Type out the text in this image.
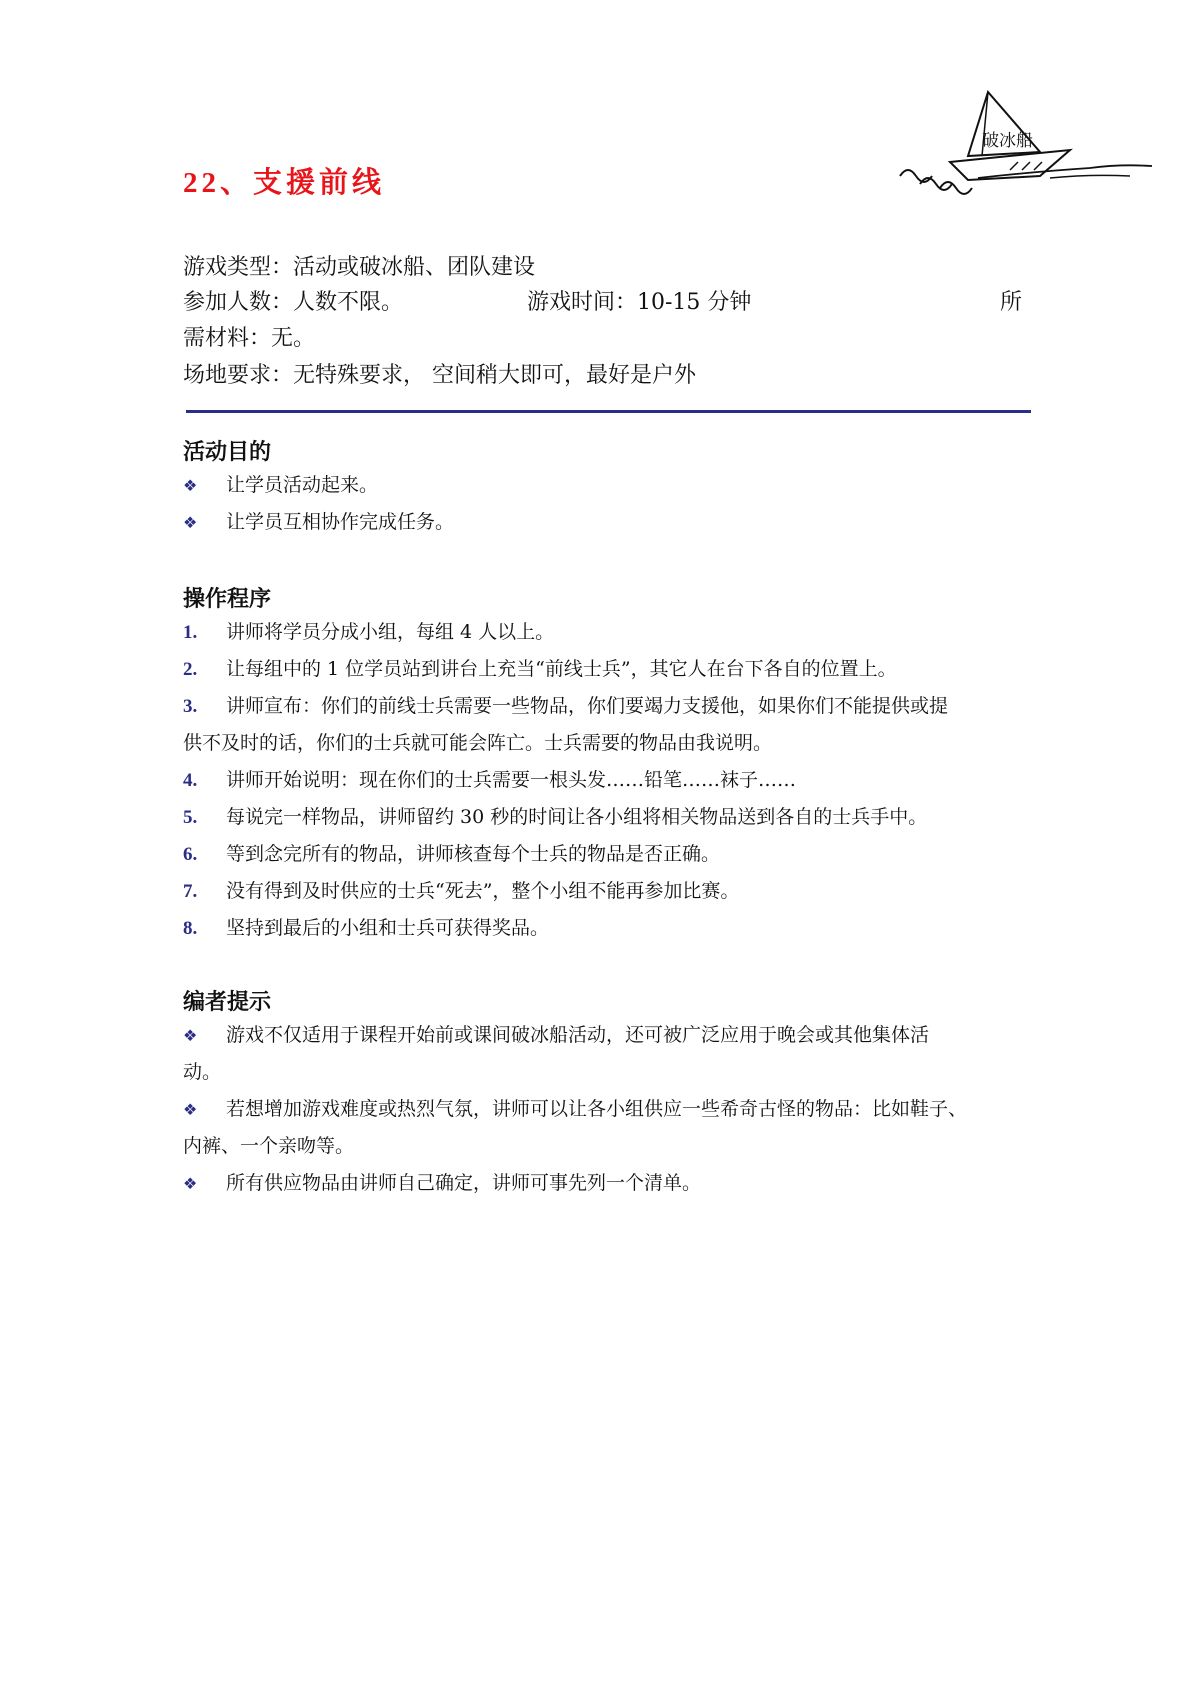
22、支援前线
破冰船
游戏类型：活动或破冰船、团队建设
参加人数：人数不限。	游戏时间：10-15 分钟	所
需材料：无。
场地要求：无特殊要求， 空间稍大即可，最好是户外
活动目的
❖ 让学员活动起来。
❖ 让学员互相协作完成任务。
操作程序
1. 讲师将学员分成小组，每组 4 人以上。
2. 让每组中的 1 位学员站到讲台上充当“前线士兵”，其它人在台下各自的位置上。
3. 讲师宣布：你们的前线士兵需要一些物品，你们要竭力支援他，如果你们不能提供或提
供不及时的话，你们的士兵就可能会阵亡。士兵需要的物品由我说明。
4. 讲师开始说明：现在你们的士兵需要一根头发……铅笔……袜子……
5. 每说完一样物品，讲师留约 30 秒的时间让各小组将相关物品送到各自的士兵手中。
6. 等到念完所有的物品，讲师核查每个士兵的物品是否正确。
7. 没有得到及时供应的士兵“死去”，整个小组不能再参加比赛。
8. 坚持到最后的小组和士兵可获得奖品。
编者提示
❖ 游戏不仅适用于课程开始前或课间破冰船活动，还可被广泛应用于晚会或其他集体活
动。
❖ 若想增加游戏难度或热烈气氛，讲师可以让各小组供应一些希奇古怪的物品：比如鞋子、
内裤、一个亲吻等。
❖ 所有供应物品由讲师自己确定，讲师可事先列一个清单。
